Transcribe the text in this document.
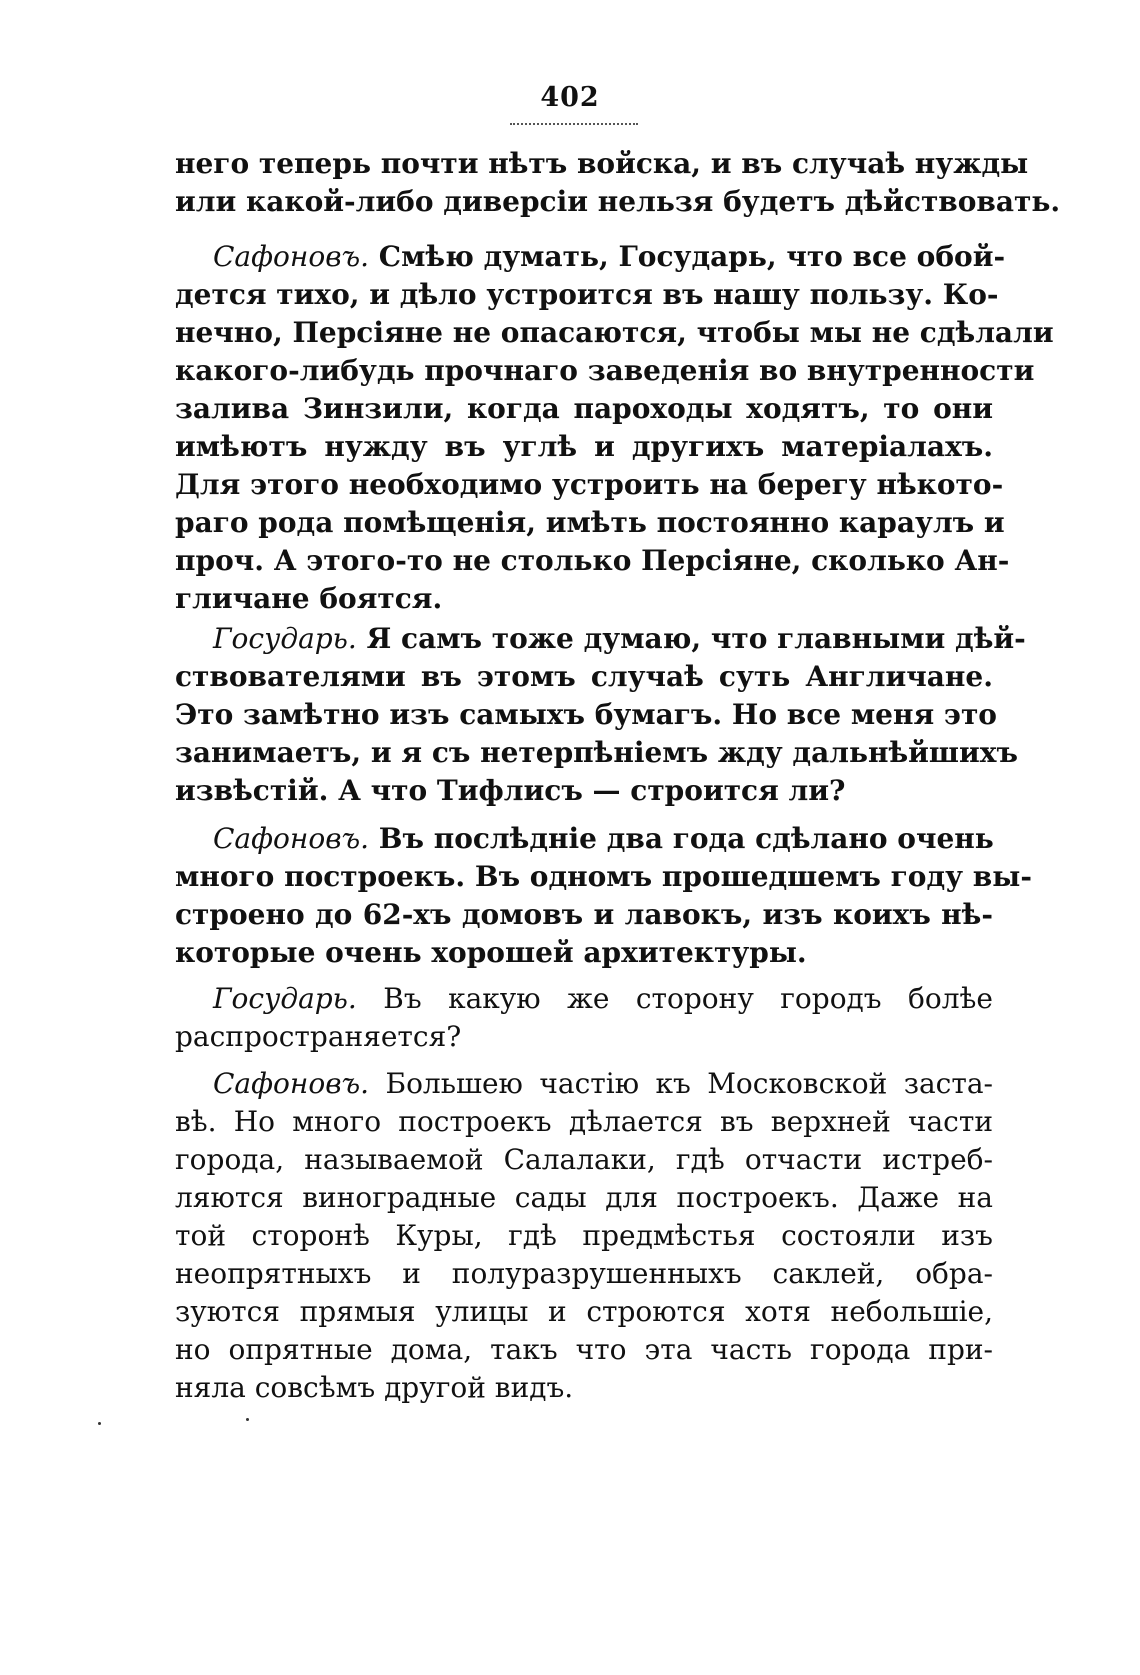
402
него теперь почти нѣтъ войска, и въ случаѣ нужды
или какой-либо диверсіи нельзя будетъ дѣйствовать.
Сафоновъ. Смѣю думать, Государь, что все обой-
дется тихо, и дѣло устроится въ нашу пользу. Ко-
нечно, Персіяне не опасаются, чтобы мы не сдѣлали
какого-либудь прочнаго заведенія во внутренности
залива Зинзили, когда пароходы ходятъ, то они
имѣютъ нужду въ углѣ и другихъ матеріалахъ.
Для этого необходимо устроить на берегу нѣкото-
раго рода помѣщенія, имѣть постоянно караулъ и
проч. А этого-то не столько Персіяне, сколько Ан-
гличане боятся.
Государь. Я самъ тоже думаю, что главными дѣй-
ствователями въ этомъ случаѣ суть Англичане.
Это замѣтно изъ самыхъ бумагъ. Но все меня это
занимаетъ, и я съ нетерпѣніемъ жду дальнѣйшихъ
извѣстій. А что Тифлисъ — строится ли?
Сафоновъ. Въ послѣдніе два года сдѣлано очень
много построекъ. Въ одномъ прошедшемъ году вы-
строено до 62-хъ домовъ и лавокъ, изъ коихъ нѣ-
которые очень хорошей архитектуры.
Государь. Въ какую же сторону городъ болѣе
распространяется?
Сафоновъ. Большею частію къ Московской заста-
вѣ. Но много построекъ дѣлается въ верхней части
города, называемой Салалаки, гдѣ отчасти истреб-
ляются виноградные сады для построекъ. Даже на
той сторонѣ Куры, гдѣ предмѣстья состояли изъ
неопрятныхъ и полуразрушенныхъ саклей, обра-
зуются прямыя улицы и строются хотя небольшіе,
но опрятные дома, такъ что эта часть города при-
няла совсѣмъ другой видъ.
